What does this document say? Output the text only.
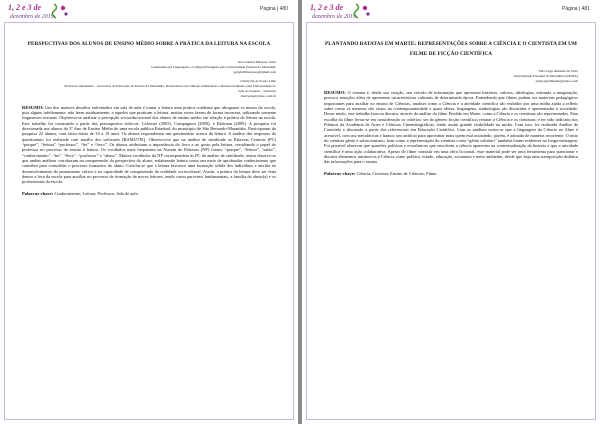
1, 2 e 3 de
dezembro de 2019
Página | 480
PERSPECTIVAS DOS ALUNOS DE ENSINO MÉDIO SOBRE A PRÁTICA DA LEITURA NA ESCOLA
Ana Gabriel Marques Silva
Graduanda em Linguagens e Códigos/Português pela Universidade Federal do Maranhão
gabyfelllmarques@gmail.com
Charlyvni de Sousa Lima
Professor Orientador – Secretaria da Educação do Estado do Maranhão. Doutorando em Ciências Ambientais e Desenvolvimento pela Universidade do Vale do Taquari – Univates
charlyeni@yahoo.com.br

RESUMO: Um dos maiores desafios enfrentados em sala de aula é tornar a leitura uma prática cotidiana que ultrapasse os muros da escola, pois alguns infelizmente, não leem assiduamente, e aqueles que praticam a leitura, muitas vezes fazem de forma incorreta, utilizando somente fragmentos textuais. Objetivou-se analisar a percepção socioeducacional dos alunos de ensino médio em relação à prática de leitura na escola. Este trabalho foi construído a partir dos pressupostos teóricos: Colomer (2003), Compagnon (2009), e Kleiman (2009). A pesquisa foi direcionada aos alunos do 3º Ano de Ensino Médio de uma escola pública Estadual, do município de São Bernardo-Maranhão. Participaram da pesquisa 22 alunos, com faixa etária de 16 a 19 anos. Os alunos responderam um questionário acerca da leitura. A análise das respostas do questionário foi realizada com auxílio dos softwares IRAMUTEQ. Observou-se que na análise de similitude as Palavras Centrais (PC) “porque”, “leitura” “professor”, “ler” e “livro”. Os alunos atribuiram a importância do livro e ao gosto pela leitura, ressaltando o papel do professor no processo de ensino à leitura. Os vocábulos mais frequentes na Nuvem de Palavras (NP) foram: “porque”, “leitura”, “saber”, “conhecimento”, “ter”, “livro”, “professor” e “aluno”. Muitos vocábulos da NP correspondem às PC da análise de similitude, assim observa-se que ambas análises corroboram na compreensão da perspectiva do aluno, enfatizando leitura como um meio de aprofundar conhecimento que contribui para consolidar o processo formativo do aluno. Conclui-se que a leitura favorece uma formação sólida dos indivíduos e auxilia no desenvolvimento do pensamento crítico e na capacidade de compreensão da realidade sociocultural. Assim, a prática da leitura deve ser feita dentro e fora da escola para auxiliar no processo de formação de novos leitores, tendo como parceiros fundamentais, a família do aluno(a) e os profissionais da escola.

Palavras-chave: Conhecimento; Leitura; Professor; Sala de aula.

1, 2 e 3 de
dezembro de 2019
Página | 481
PLANTANDO BATATAS EM MARTE: REPRESENTAÇÕES SOBRE A CIÊNCIA E O CIENTISTA EM UM FILME DE FICÇÃO CIENTÍFICA
Yuri Jorge Almeida da Silva
Universidade Estadual do Maranhão (UEMA)
yurijorgealmeida@yahoo.com

RESUMO: O cinema é, desde sua criação, um veículo de informação que apresenta histórias, valores, ideologias, estimula a imaginação, provoca emoções além de apresentar características culturais de determinada época. Entendendo que filmes podem ser materiais pedagógicos importantes para auxiliar no ensino de Ciências, analisei como a Ciência e a atividade científica são exibidos por uma mídia ajuda a refletir sobre como os mesmos são vistos na contemporaneidade e quais ideias, linguagens, simbologias são discutidas e apresentadas à sociedade. Desse modo, este trabalho buscou discutir, através da análise do filme Perdido em Marte, como a Ciência e os cientistas são representados. Para escolha do filme levou-se em consideração os critérios: ser do gênero ficção científica; retratar a Ciência e os cientistas; e ter sido indicado nos Prêmios da Academia de Artes e Ciências Cinematográficas, tendo assim grande visibilidade na mídia. Com isso, foi realizada Análise de Conteúdo e discussão a partir dos referenciais em Educação Científica. Com as análises notou-se que a linguagem da Ciência no filme é acessível, com uso metafóricas e humor, um artifício para aproximar mais quem está assistindo, porém, é adotada de maneira recorrente. O mito do cientista gênio e salvacionismo, bem como a representação do cientista como “gênio solitário” também foram evidentes no longa-metragem. Foi possível observar que questões políticas e econômicas que envolvem a ciência aparecem na contextualização da história e que a atividade científica é uma ação colaborativa. Apesar do filme consistir em uma obra ficcional, esse material pode ser uma ferramenta para questionar e discutir elementos intrínsecos à Ciência como política, estado, educação, economia e meio ambiente, desde que haja uma transposição didática das informações para o ensino.

Palavras-chave: Ciência; Cientista; Ensino de Ciências; Filme.
